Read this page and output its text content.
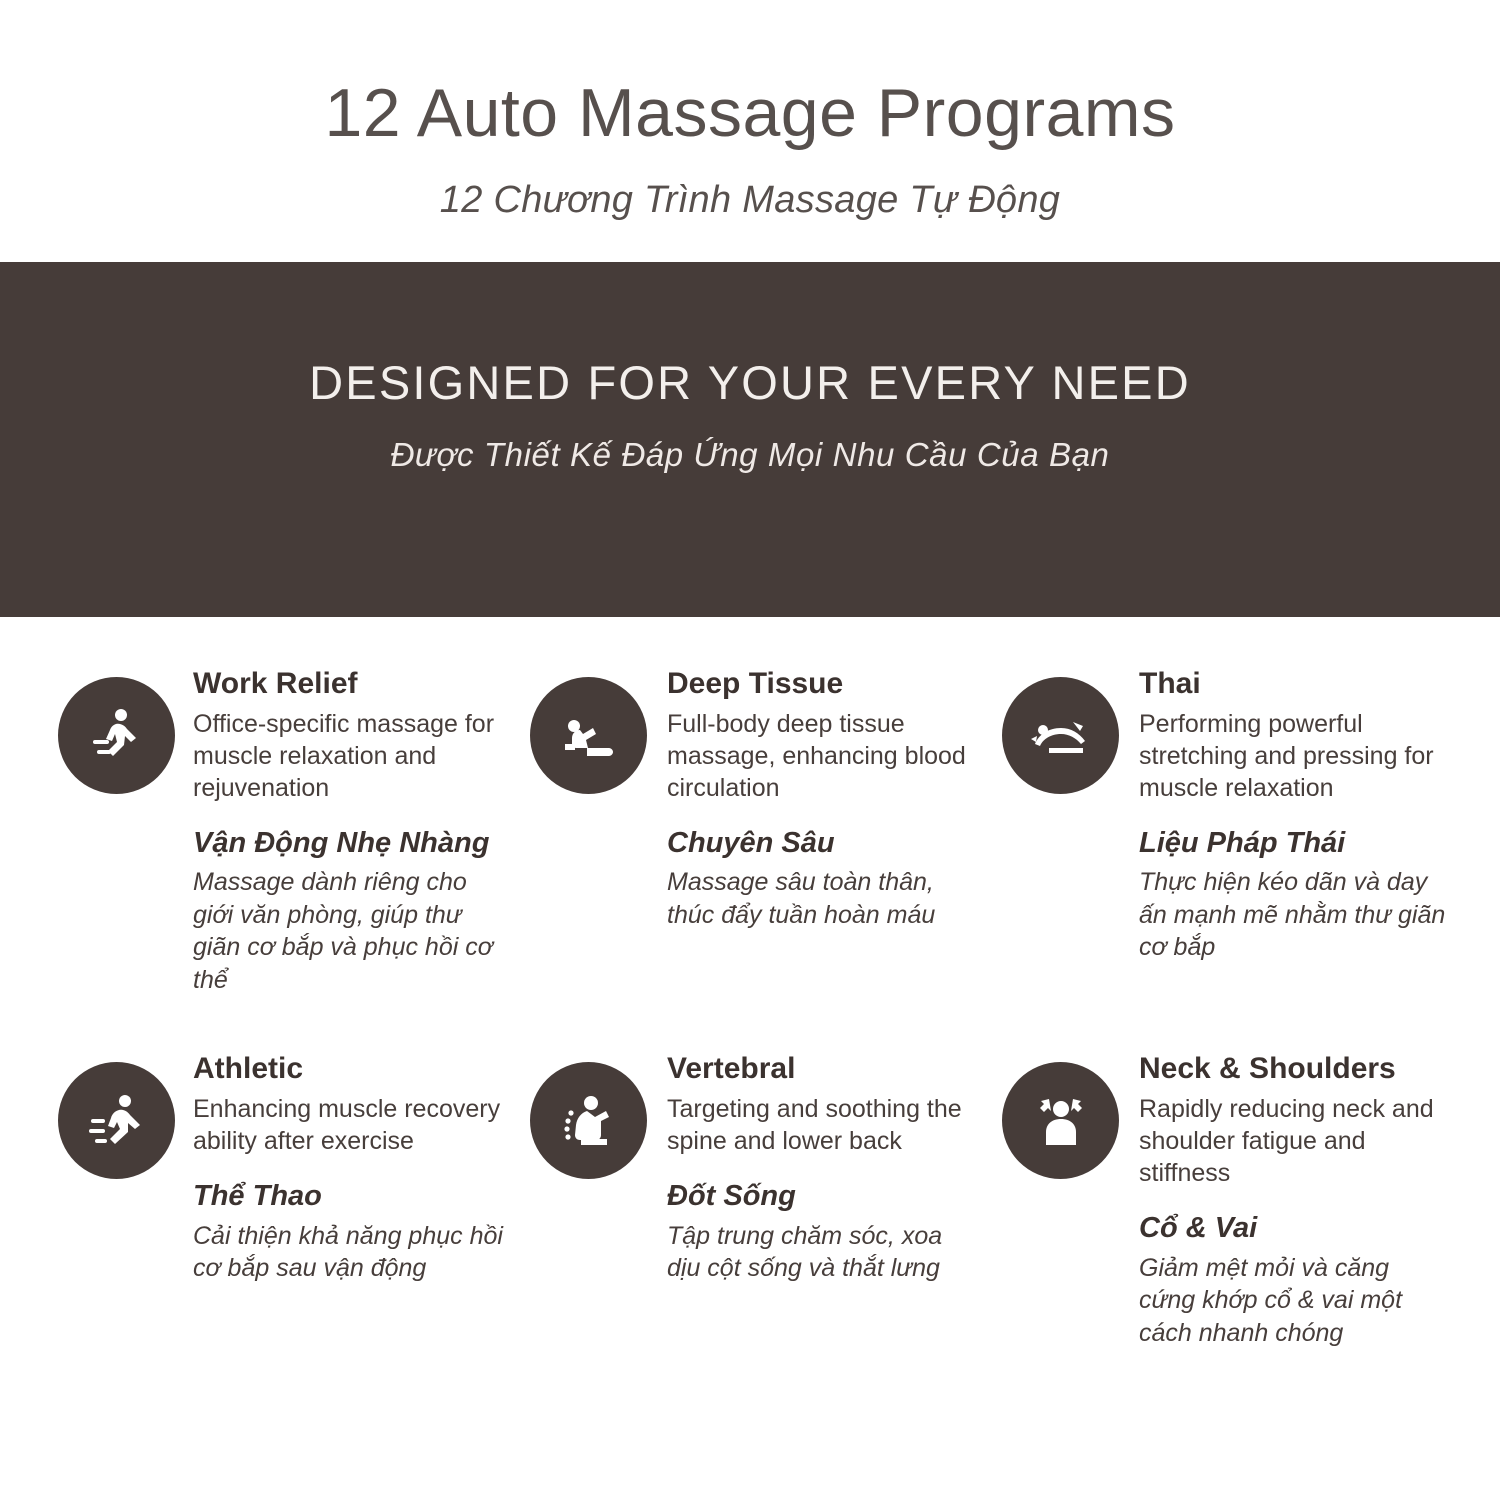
12 Auto Massage Programs
12 Chương Trình Massage Tự Động
DESIGNED FOR YOUR EVERY NEED
Được Thiết Kế Đáp Ứng Mọi Nhu Cầu Của Bạn
Work Relief
Office-specific massage for muscle relaxation and rejuvenation
Vận Động Nhẹ Nhàng
Massage dành riêng cho giới văn phòng, giúp thư giãn cơ bắp và phục hồi cơ thể
Deep Tissue
Full-body deep tissue massage, enhancing blood circulation
Chuyên Sâu
Massage sâu toàn thân, thúc đẩy tuần hoàn máu
Thai
Performing powerful stretching and pressing for muscle relaxation
Liệu Pháp Thái
Thực hiện kéo dãn và day ấn mạnh mẽ nhằm thư giãn cơ bắp
Athletic
Enhancing muscle recovery ability after exercise
Thể Thao
Cải thiện khả năng phục hồi cơ bắp sau vận động
Vertebral
Targeting and soothing the spine and lower back
Đốt Sống
Tập trung chăm sóc, xoa dịu cột sống và thắt lưng
Neck & Shoulders
Rapidly reducing neck and shoulder fatigue and stiffness
Cổ & Vai
Giảm mệt mỏi và căng cứng khớp cổ & vai một cách nhanh chóng
